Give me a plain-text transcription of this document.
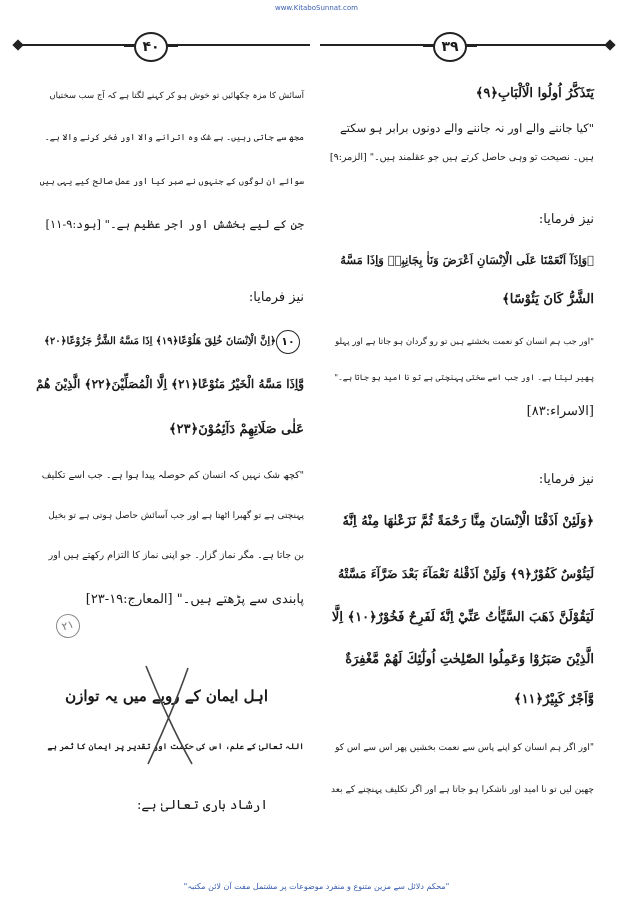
www.KitaboSunnat.com
۴۰	۳۹
یَتَذَکَّرُ اُولُوا الْاَلْبَابِ﴿۹﴾
"کیا جاننے والے اور نہ جاننے والے دونوں برابر ہو سکتے
ہیں۔ نصیحت تو وہی حاصل کرتے ہیں جو عقلمند ہیں۔" [الزمر:۹]
نیز فرمایا:
﴿وَاِذَآ اَنْعَمْنَا عَلَى الْاِنْسَانِ اَعْرَضَ وَنَاٰ بِجَانِبِهٖ وَاِذَا مَسَّهُ
الشَّرُّ كَانَ يَئُوْسًا﴾
"اور جب ہم انسان کو نعمت بخشتے ہیں تو رو گردان ہو جاتا ہے اور پہلو
پھیر لیتا ہے۔ اور جب اسے سختی پہنچتی ہے تو نا امید ہو جاتا ہے۔"
[الاسراء:۸۳]
نیز فرمایا:
﴿وَلَئِنْ اَذَقْنَا الْاِنْسَانَ مِنَّا رَحْمَةً ثُمَّ نَزَعْنٰهَا مِنْهُ اِنَّهٗ
لَيَئُوْسٌ كَفُوْرٌ﴿۹﴾ وَلَئِنْ اَذَقْنٰهُ نَعْمَآءَ بَعْدَ ضَرَّآءَ مَسَّتْهُ
لَيَقُوْلَنَّ ذَهَبَ السَّيِّاٰتُ عَنِّيْ اِنَّهٗ لَفَرِحٌ فَخُوْرٌ﴿۱۰﴾ اِلَّا
الَّذِيْنَ صَبَرُوْا وَعَمِلُوا الصّٰلِحٰتِ اُولٰٓئِكَ لَهُمْ مَّغْفِرَةٌ
وَّاَجْرٌ كَبِيْرٌ﴿۱۱﴾
"اور اگر ہم انسان کو اپنے پاس سے نعمت بخشیں پھر اس سے اس کو
چھین لیں تو نا امید اور ناشکرا ہو جاتا ہے اور اگر تکلیف پہنچنے کے بعد
آسائش کا مزہ چکھائیں تو خوش ہو کر کہنے لگتا ہے کہ آج سب سختیاں
مجھ سے جاتی رہیں۔ بے شک وہ اترانے والا اور فخر کرنے والا ہے۔
سوائے ان لوگوں کے جنہوں نے صبر کیا اور عمل صالح کیے یہی ہیں
جن کے لیے بخشش اور اجر عظیم ہے۔" [ہود:۹-۱۱]
نیز فرمایا:
﴿اِنَّ الْاِنْسَانَ خُلِقَ هَلُوْعًا﴿۱۹﴾ اِذَا مَسَّهُ الشَّرُّ جَزُوْعًا﴿۲۰﴾
وَّاِذَا مَسَّهُ الْخَيْرُ مَنُوْعًا﴿۲۱﴾ اِلَّا الْمُصَلِّيْنَ﴿۲۲﴾ الَّذِيْنَ هُمْ
عَلٰى صَلَاتِهِمْ دَآئِمُوْنَ﴿۲۳﴾
"کچھ شک نہیں کہ انسان کم حوصلہ پیدا ہوا ہے۔ جب اسے تکلیف
پہنچتی ہے تو گھبرا اٹھتا ہے اور جب آسائش حاصل ہوتی ہے تو بخیل
بن جاتا ہے۔ مگر نماز گزار۔ جو اپنی نماز کا التزام رکھتے ہیں اور
پابندی سے پڑھتے ہیں۔" [المعارج:۱۹-۲۳]
اہل ایمان کے رویے میں یہ توازن
اللہ تعالیٰ کے علم، اس کی حکمت اور تقدیر پر ایمان کا ثمر ہے
ارشاد باری تعالیٰ ہے:
۱۰
۲۱
"محکم دلائل سے مزین متنوع و منفرد موضوعات پر مشتمل مفت آن لائن مکتبہ"
